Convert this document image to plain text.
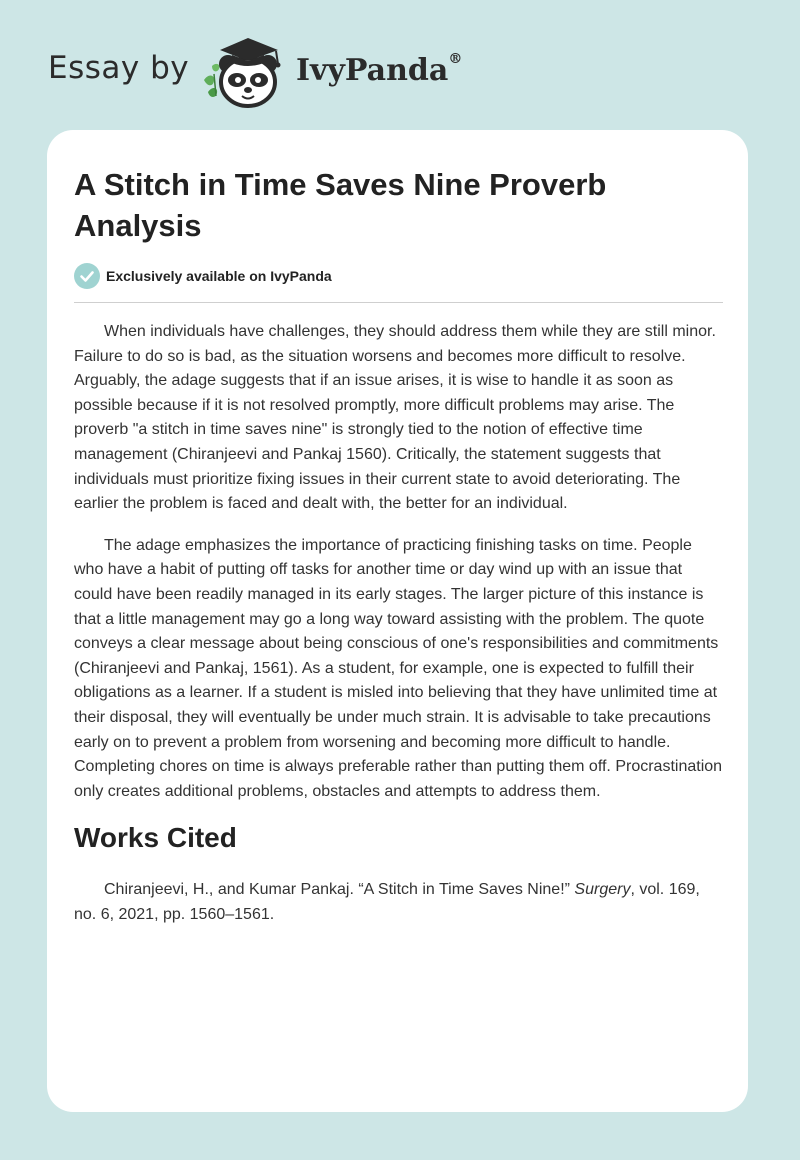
Essay by	IvyPanda®
A Stitch in Time Saves Nine Proverb Analysis
Exclusively available on IvyPanda

When individuals have challenges, they should address them while they are still minor. Failure to do so is bad, as the situation worsens and becomes more difficult to resolve. Arguably, the adage suggests that if an issue arises, it is wise to handle it as soon as possible because if it is not resolved promptly, more difficult problems may arise. The proverb "a stitch in time saves nine" is strongly tied to the notion of effective time management (Chiranjeevi and Pankaj 1560). Critically, the statement suggests that individuals must prioritize fixing issues in their current state to avoid deteriorating. The earlier the problem is faced and dealt with, the better for an individual.

The adage emphasizes the importance of practicing finishing tasks on time. People who have a habit of putting off tasks for another time or day wind up with an issue that could have been readily managed in its early stages. The larger picture of this instance is that a little management may go a long way toward assisting with the problem. The quote conveys a clear message about being conscious of one's responsibilities and commitments (Chiranjeevi and Pankaj, 1561). As a student, for example, one is expected to fulfill their obligations as a learner. If a student is misled into believing that they have unlimited time at their disposal, they will eventually be under much strain. It is advisable to take precautions early on to prevent a problem from worsening and becoming more difficult to handle. Completing chores on time is always preferable rather than putting them off. Procrastination only creates additional problems, obstacles and attempts to address them.

Works Cited

Chiranjeevi, H., and Kumar Pankaj. “A Stitch in Time Saves Nine!” Surgery, vol. 169, no. 6, 2021, pp. 1560–1561.
